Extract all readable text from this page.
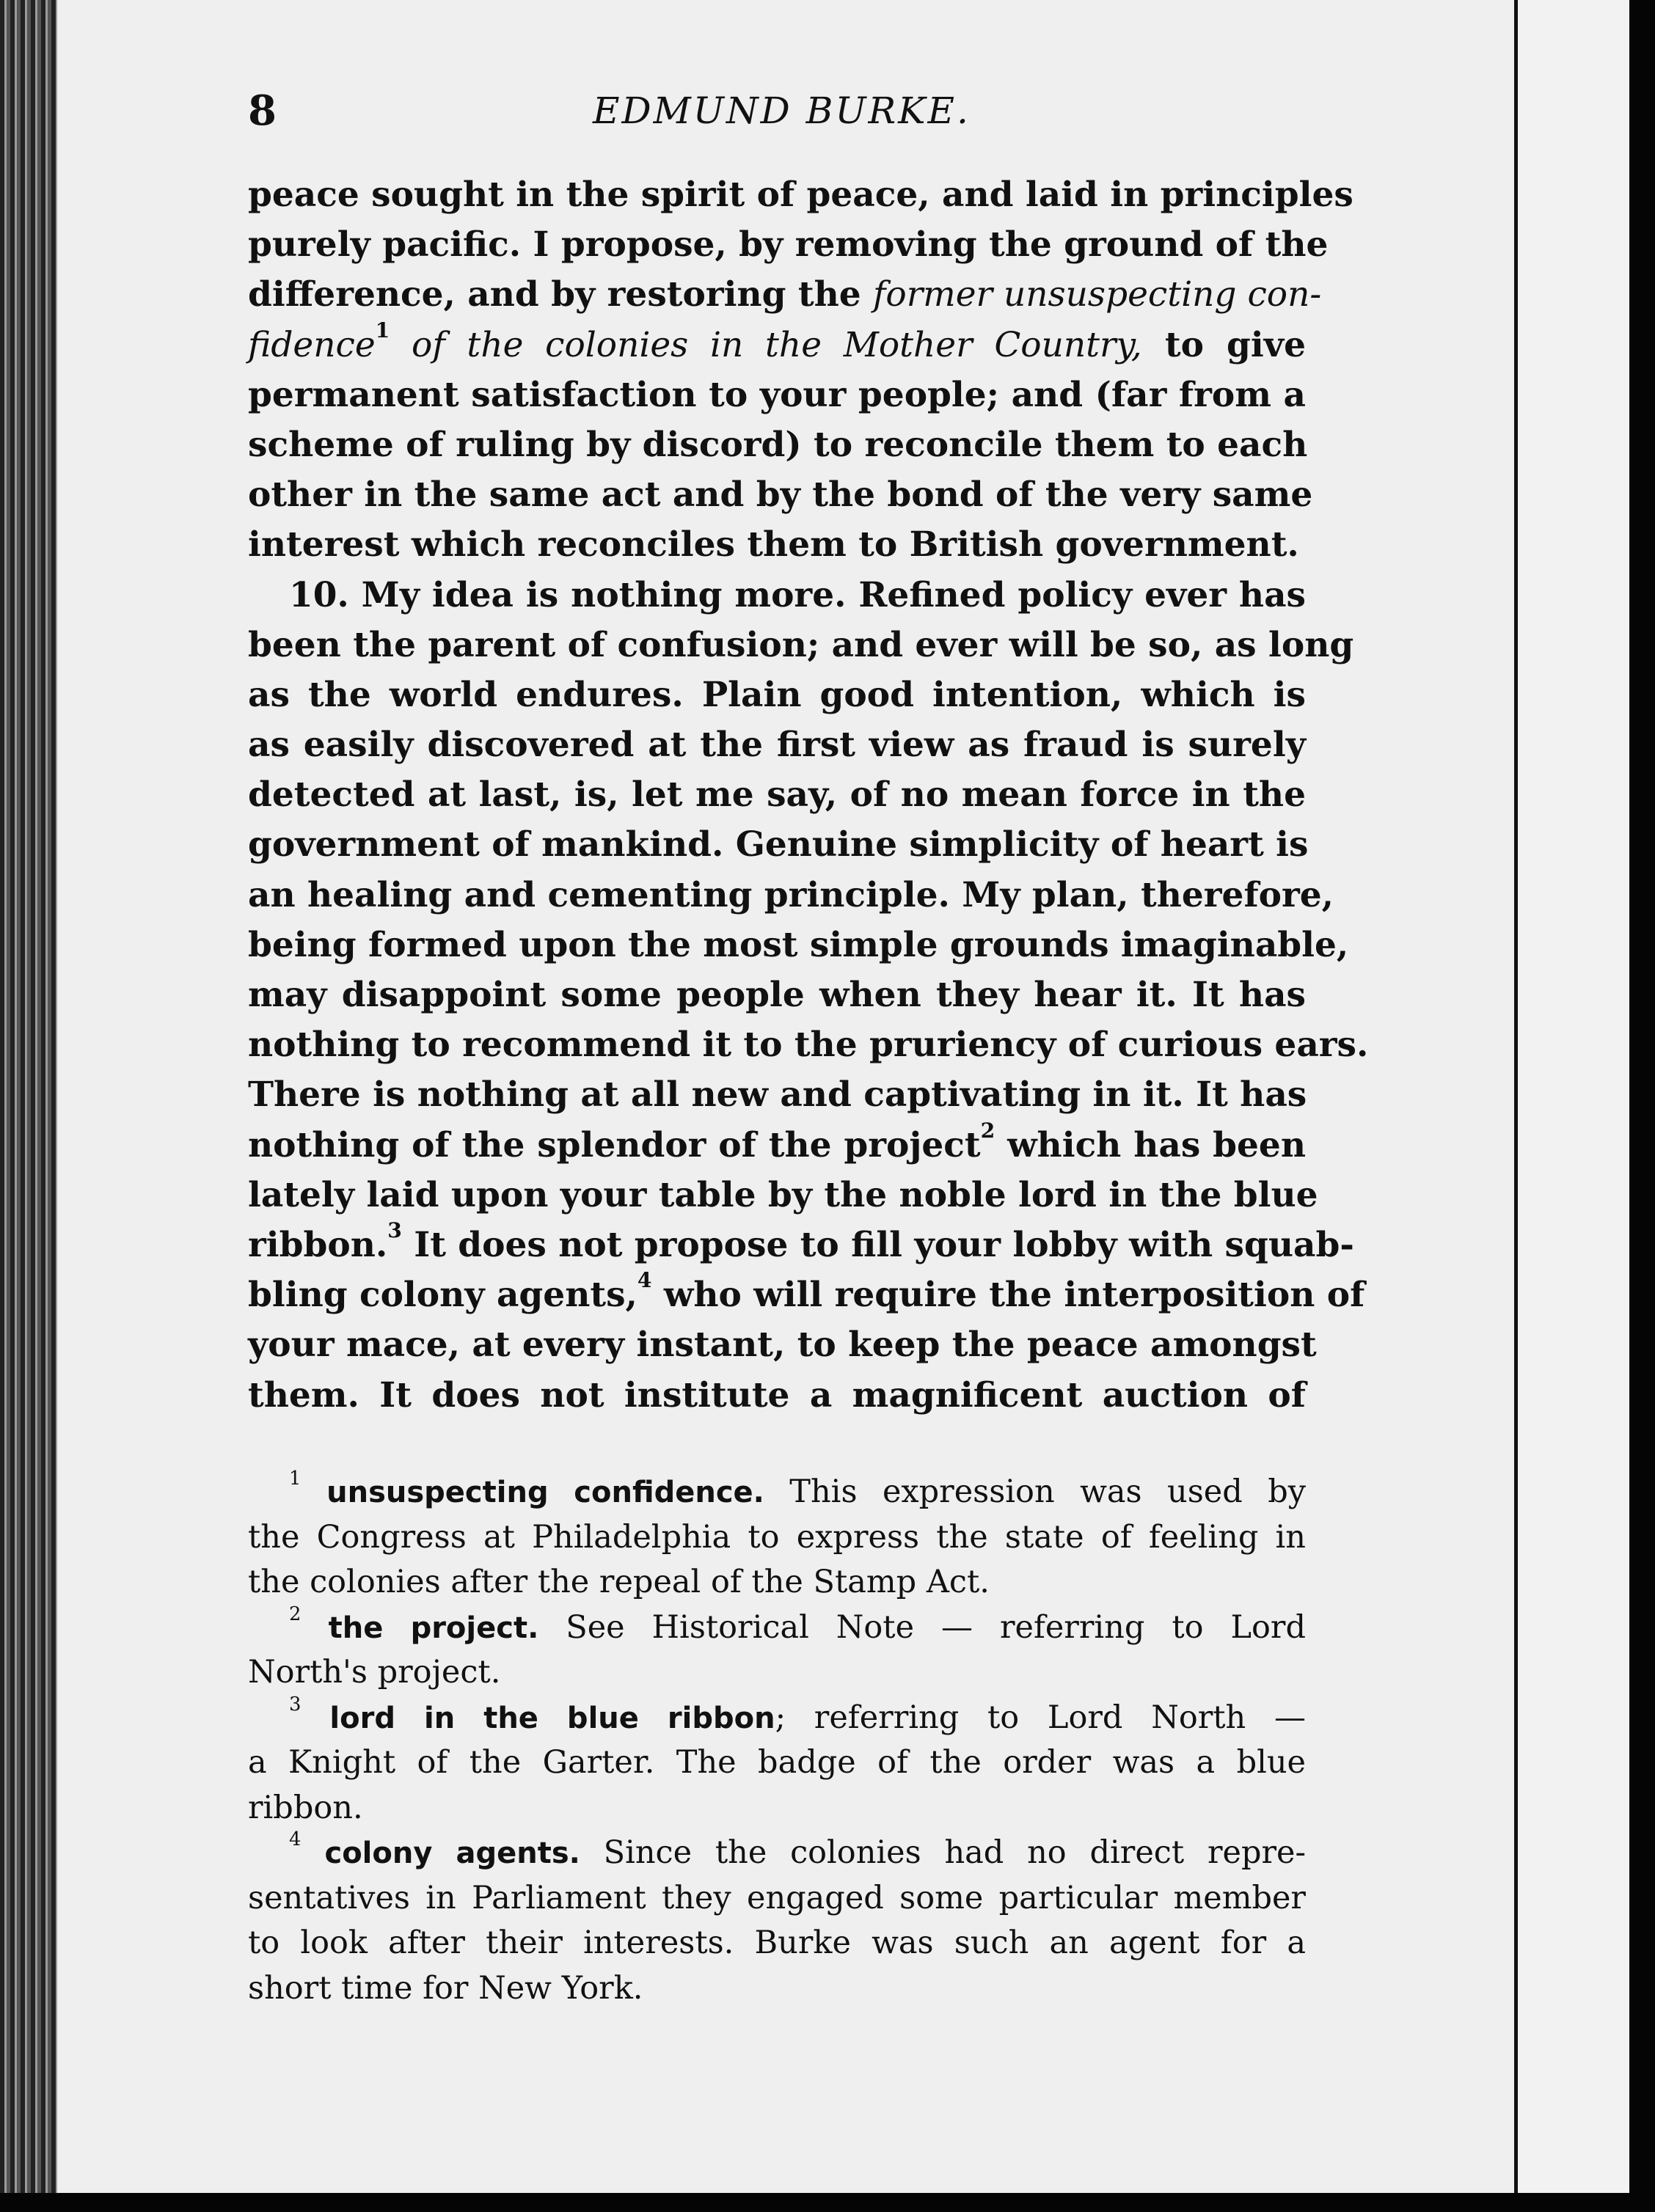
8	EDMUND BURKE.
peace sought in the spirit of peace, and laid in principles
purely pacific. I propose, by removing the ground of the
difference, and by restoring the former unsuspecting con-
fidence$^1$ of the colonies in the Mother Country, to give
permanent satisfaction to your people; and (far from a
scheme of ruling by discord) to reconcile them to each
other in the same act and by the bond of the very same
interest which reconciles them to British government.
10. My idea is nothing more. Refined policy ever has
been the parent of confusion; and ever will be so, as long
as the world endures. Plain good intention, which is
as easily discovered at the first view as fraud is surely
detected at last, is, let me say, of no mean force in the
government of mankind. Genuine simplicity of heart is
an healing and cementing principle. My plan, therefore,
being formed upon the most simple grounds imaginable,
may disappoint some people when they hear it. It has
nothing to recommend it to the pruriency of curious ears.
There is nothing at all new and captivating in it. It has
nothing of the splendor of the project$^2$ which has been
lately laid upon your table by the noble lord in the blue
ribbon.$^3$ It does not propose to fill your lobby with squab-
bling colony agents,$^4$ who will require the interposition of
your mace, at every instant, to keep the peace amongst
them. It does not institute a magnificent auction of
$^1$ unsuspecting confidence. This expression was used by
the Congress at Philadelphia to express the state of feeling in
the colonies after the repeal of the Stamp Act.
$^2$ the project. See Historical Note — referring to Lord
North's project.
$^3$ lord in the blue ribbon; referring to Lord North —
a Knight of the Garter. The badge of the order was a blue
ribbon.
$^4$ colony agents. Since the colonies had no direct repre-
sentatives in Parliament they engaged some particular member
to look after their interests. Burke was such an agent for a
short time for New York.
